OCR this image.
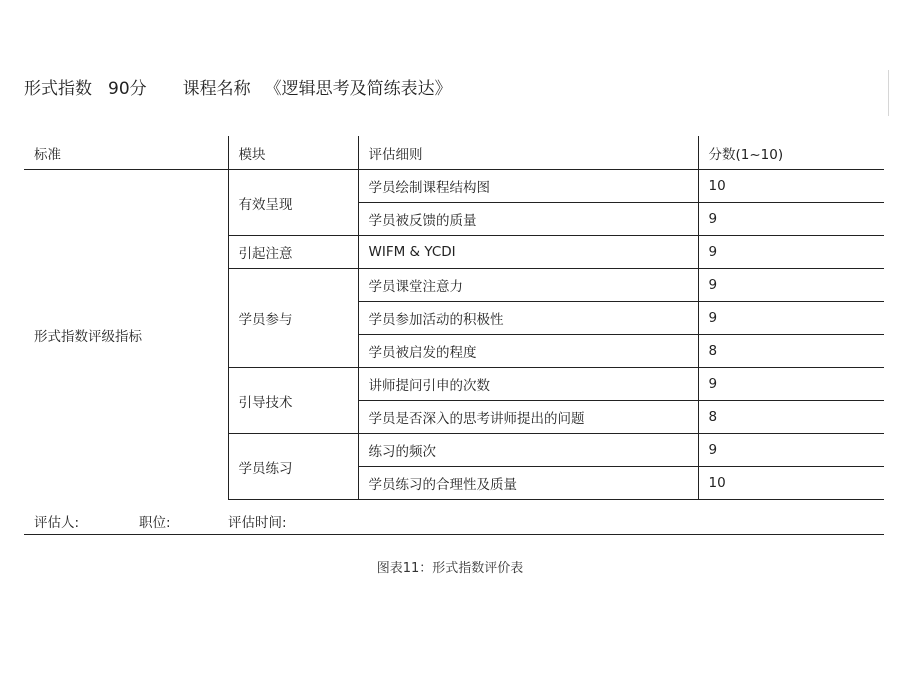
形式指数 90分 课程名称 《逻辑思考及简练表达》
标准	模块	评估细则	分数(1~10)
形式指数评级指标	有效呈现	学员绘制课程结构图	10
		学员被反馈的质量	9
	引起注意	WIFM & YCDI	9
	学员参与	学员课堂注意力	9
		学员参加活动的积极性	9
		学员被启发的程度	8
	引导技术	讲师提问引申的次数	9
		学员是否深入的思考讲师提出的问题	8
	学员练习	练习的频次	9
		学员练习的合理性及质量	10
评估人:	职位:	评估时间:
图表11：形式指数评价表
